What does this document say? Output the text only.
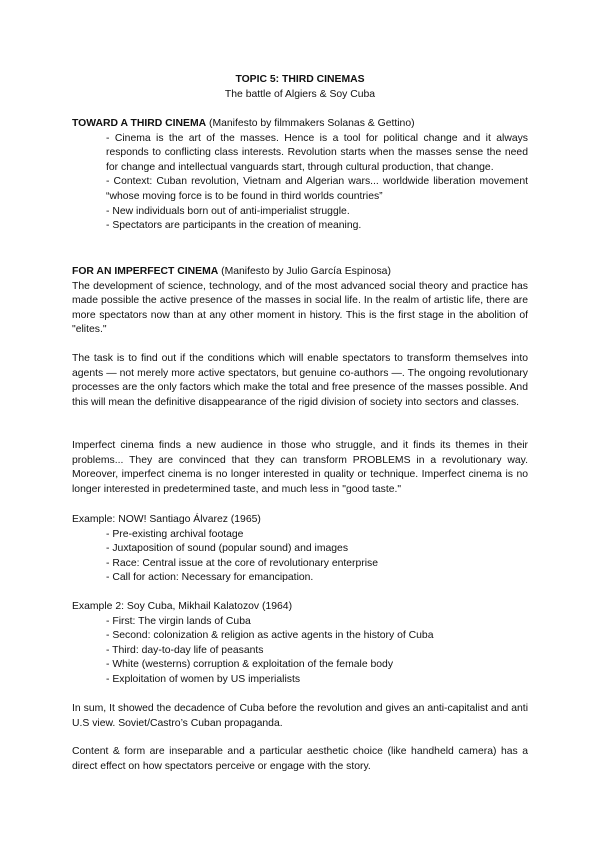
TOPIC 5: THIRD CINEMAS
The battle of Algiers & Soy Cuba

TOWARD A THIRD CINEMA (Manifesto by filmmakers Solanas & Gettino)

- Cinema is the art of the masses. Hence is a tool for political change and it always responds to conflicting class interests. Revolution starts when the masses sense the need for change and intellectual vanguards start, through cultural production, that change.

- Context: Cuban revolution, Vietnam and Algerian wars... worldwide liberation movement “whose moving force is to be found in third worlds countries”

- New individuals born out of anti-imperialist struggle.

- Spectators are participants in the creation of meaning.

FOR AN IMPERFECT CINEMA (Manifesto by Julio García Espinosa)

The development of science, technology, and of the most advanced social theory and practice has made possible the active presence of the masses in social life. In the realm of artistic life, there are more spectators now than at any other moment in history. This is the first stage in the abolition of "elites."

The task is to find out if the conditions which will enable spectators to transform themselves into agents — not merely more active spectators, but genuine co-authors —. The ongoing revolutionary processes are the only factors which make the total and free presence of the masses possible. And this will mean the definitive disappearance of the rigid division of society into sectors and classes.
Imperfect cinema finds a new audience in those who struggle, and it finds its themes in their problems... They are convinced that they can transform PROBLEMS in a revolutionary way. Moreover, imperfect cinema is no longer interested in quality or technique. Imperfect cinema is no longer interested in predetermined taste, and much less in "good taste."

Example: NOW! Santiago Álvarez (1965)

- Pre-existing archival footage

- Juxtaposition of sound (popular sound) and images

- Race: Central issue at the core of revolutionary enterprise

- Call for action: Necessary for emancipation.

Example 2: Soy Cuba, Mikhail Kalatozov (1964)

- First: The virgin lands of Cuba

- Second: colonization & religion as active agents in the history of Cuba

- Third: day-to-day life of peasants

- White (westerns) corruption & exploitation of the female body

- Exploitation of women by US imperialists

In sum, It showed the decadence of Cuba before the revolution and gives an anti-capitalist and anti U.S view. Soviet/Castro’s Cuban propaganda.
Content & form are inseparable and a particular aesthetic choice (like handheld camera) has a direct effect on how spectators perceive or engage with the story.
